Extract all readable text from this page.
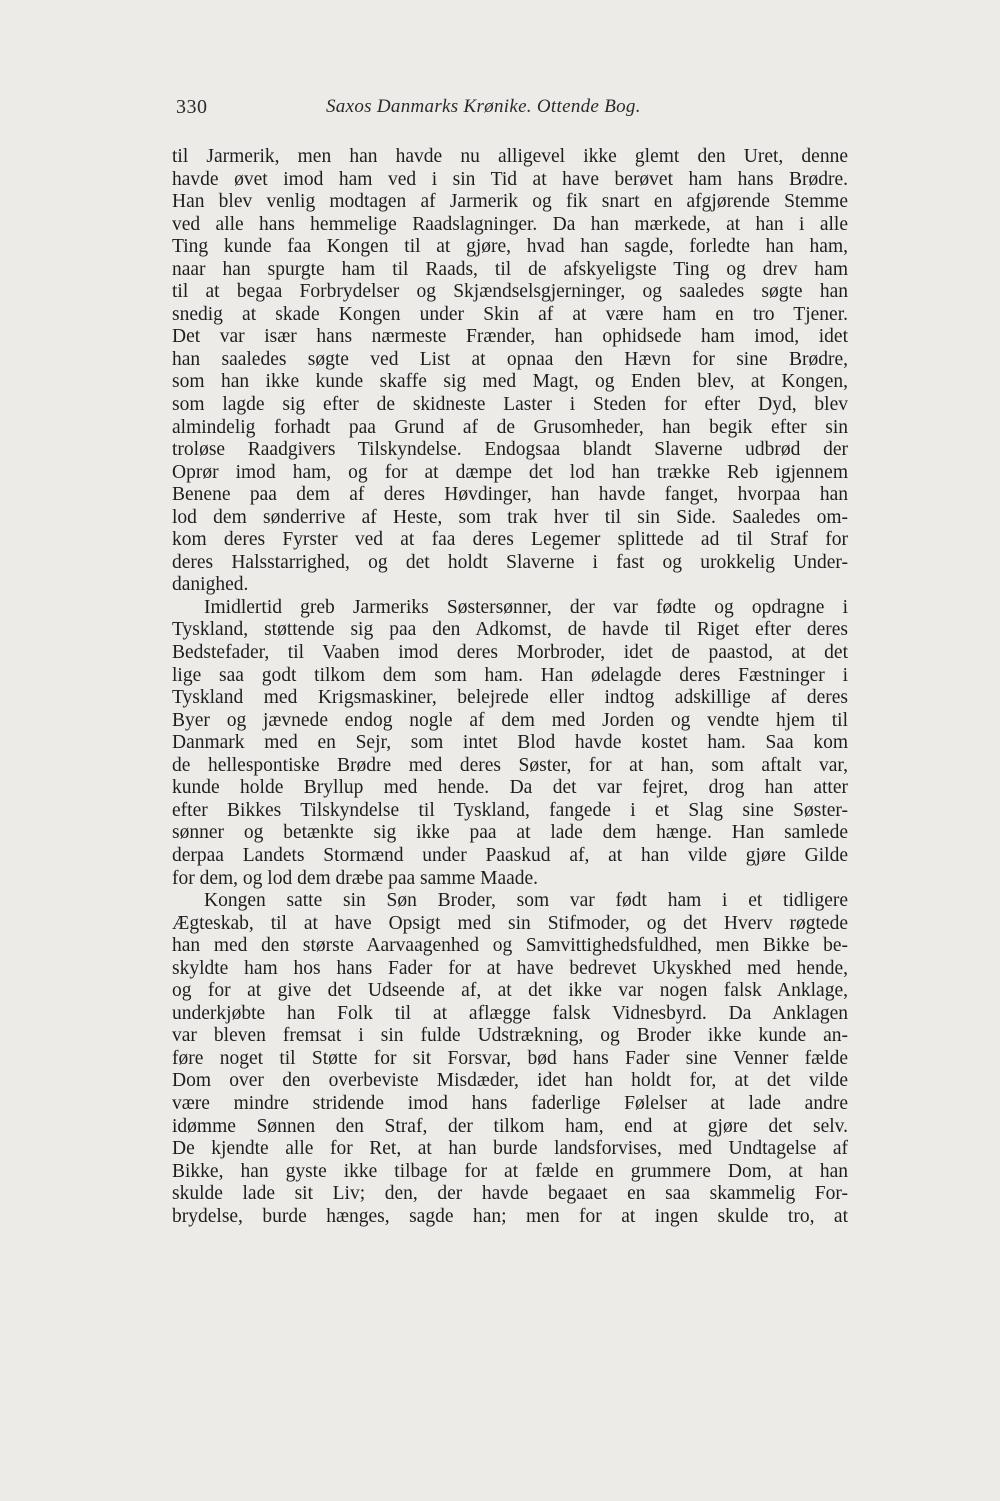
330	Saxos Danmarks Krønike. Ottende Bog.
til Jarmerik, men han havde nu alligevel ikke glemt den Uret, denne
havde øvet imod ham ved i sin Tid at have berøvet ham hans Brødre.
Han blev venlig modtagen af Jarmerik og fik snart en afgjørende Stemme
ved alle hans hemmelige Raadslagninger. Da han mærkede, at han i alle
Ting kunde faa Kongen til at gjøre, hvad han sagde, forledte han ham,
naar han spurgte ham til Raads, til de afskyeligste Ting og drev ham
til at begaa Forbrydelser og Skjændselsgjerninger, og saaledes søgte han
snedig at skade Kongen under Skin af at være ham en tro Tjener.
Det var især hans nærmeste Frænder, han ophidsede ham imod, idet
han saaledes søgte ved List at opnaa den Hævn for sine Brødre,
som han ikke kunde skaffe sig med Magt, og Enden blev, at Kongen,
som lagde sig efter de skidneste Laster i Steden for efter Dyd, blev
almindelig forhadt paa Grund af de Grusomheder, han begik efter sin
troløse Raadgivers Tilskyndelse. Endogsaa blandt Slaverne udbrød der
Oprør imod ham, og for at dæmpe det lod han trække Reb igjennem
Benene paa dem af deres Høvdinger, han havde fanget, hvorpaa han
lod dem sønderrive af Heste, som trak hver til sin Side. Saaledes om-
kom deres Fyrster ved at faa deres Legemer splittede ad til Straf for
deres Halsstarrighed, og det holdt Slaverne i fast og urokkelig Under-
danighed.
Imidlertid greb Jarmeriks Søstersønner, der var fødte og opdragne i
Tyskland, støttende sig paa den Adkomst, de havde til Riget efter deres
Bedstefader, til Vaaben imod deres Morbroder, idet de paastod, at det
lige saa godt tilkom dem som ham. Han ødelagde deres Fæstninger i
Tyskland med Krigsmaskiner, belejrede eller indtog adskillige af deres
Byer og jævnede endog nogle af dem med Jorden og vendte hjem til
Danmark med en Sejr, som intet Blod havde kostet ham. Saa kom
de hellespontiske Brødre med deres Søster, for at han, som aftalt var,
kunde holde Bryllup med hende. Da det var fejret, drog han atter
efter Bikkes Tilskyndelse til Tyskland, fangede i et Slag sine Søster-
sønner og betænkte sig ikke paa at lade dem hænge. Han samlede
derpaa Landets Stormænd under Paaskud af, at han vilde gjøre Gilde
for dem, og lod dem dræbe paa samme Maade.
Kongen satte sin Søn Broder, som var født ham i et tidligere
Ægteskab, til at have Opsigt med sin Stifmoder, og det Hverv røgtede
han med den største Aarvaagenhed og Samvittighedsfuldhed, men Bikke be-
skyldte ham hos hans Fader for at have bedrevet Ukyskhed med hende,
og for at give det Udseende af, at det ikke var nogen falsk Anklage,
underkjøbte han Folk til at aflægge falsk Vidnesbyrd. Da Anklagen
var bleven fremsat i sin fulde Udstrækning, og Broder ikke kunde an-
føre noget til Støtte for sit Forsvar, bød hans Fader sine Venner fælde
Dom over den overbeviste Misdæder, idet han holdt for, at det vilde
være mindre stridende imod hans faderlige Følelser at lade andre
idømme Sønnen den Straf, der tilkom ham, end at gjøre det selv.
De kjendte alle for Ret, at han burde landsforvises, med Undtagelse af
Bikke, han gyste ikke tilbage for at fælde en grummere Dom, at han
skulde lade sit Liv; den, der havde begaaet en saa skammelig For-
brydelse, burde hænges, sagde han; men for at ingen skulde tro, at
